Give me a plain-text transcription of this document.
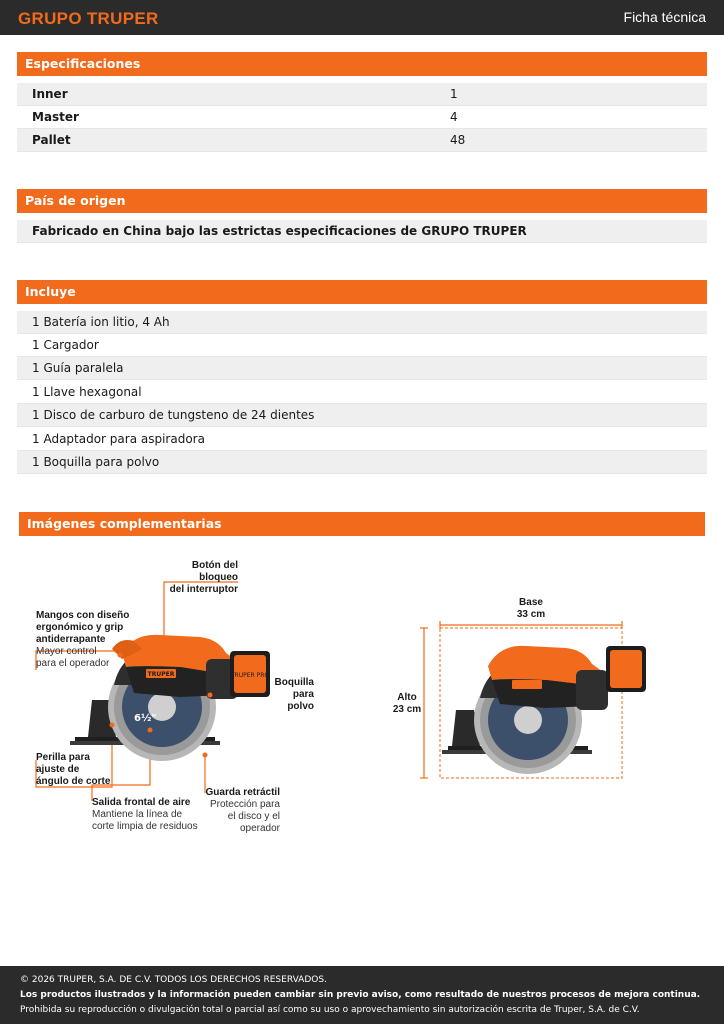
GRUPO TRUPER	Ficha técnica
Especificaciones
Inner	1
Master	4
Pallet	48
País de origen
Fabricado en China bajo las estrictas especificaciones de GRUPO TRUPER
Incluye
1 Batería ion litio, 4 Ah
1 Cargador
1 Guía paralela
1 Llave hexagonal
1 Disco de carburo de tungsteno de 24 dientes
1 Adaptador para aspiradora
1 Boquilla para polvo
Imágenes complementarias
TRUPER PRO
TRUPER
6½"
Botón del bloqueo
del interruptor
Mangos con diseño
ergonómico y grip
antiderrapante
Mayor control
para el operador
Boquilla
para polvo
Perilla para
ajuste de
ángulo de corte
Salida frontal de aire
Mantiene la línea de
corte limpia de residuos
Guarda retráctil
Protección para
el disco y el
operador
Base
33 cm
Alto
23 cm
© 2026 TRUPER, S.A. DE C.V. TODOS LOS DERECHOS RESERVADOS.
Los productos ilustrados y la información pueden cambiar sin previo aviso, como resultado de nuestros procesos de mejora continua.
Prohibida su reproducción o divulgación total o parcial así como su uso o aprovechamiento sin autorización escrita de Truper, S.A. de C.V.
